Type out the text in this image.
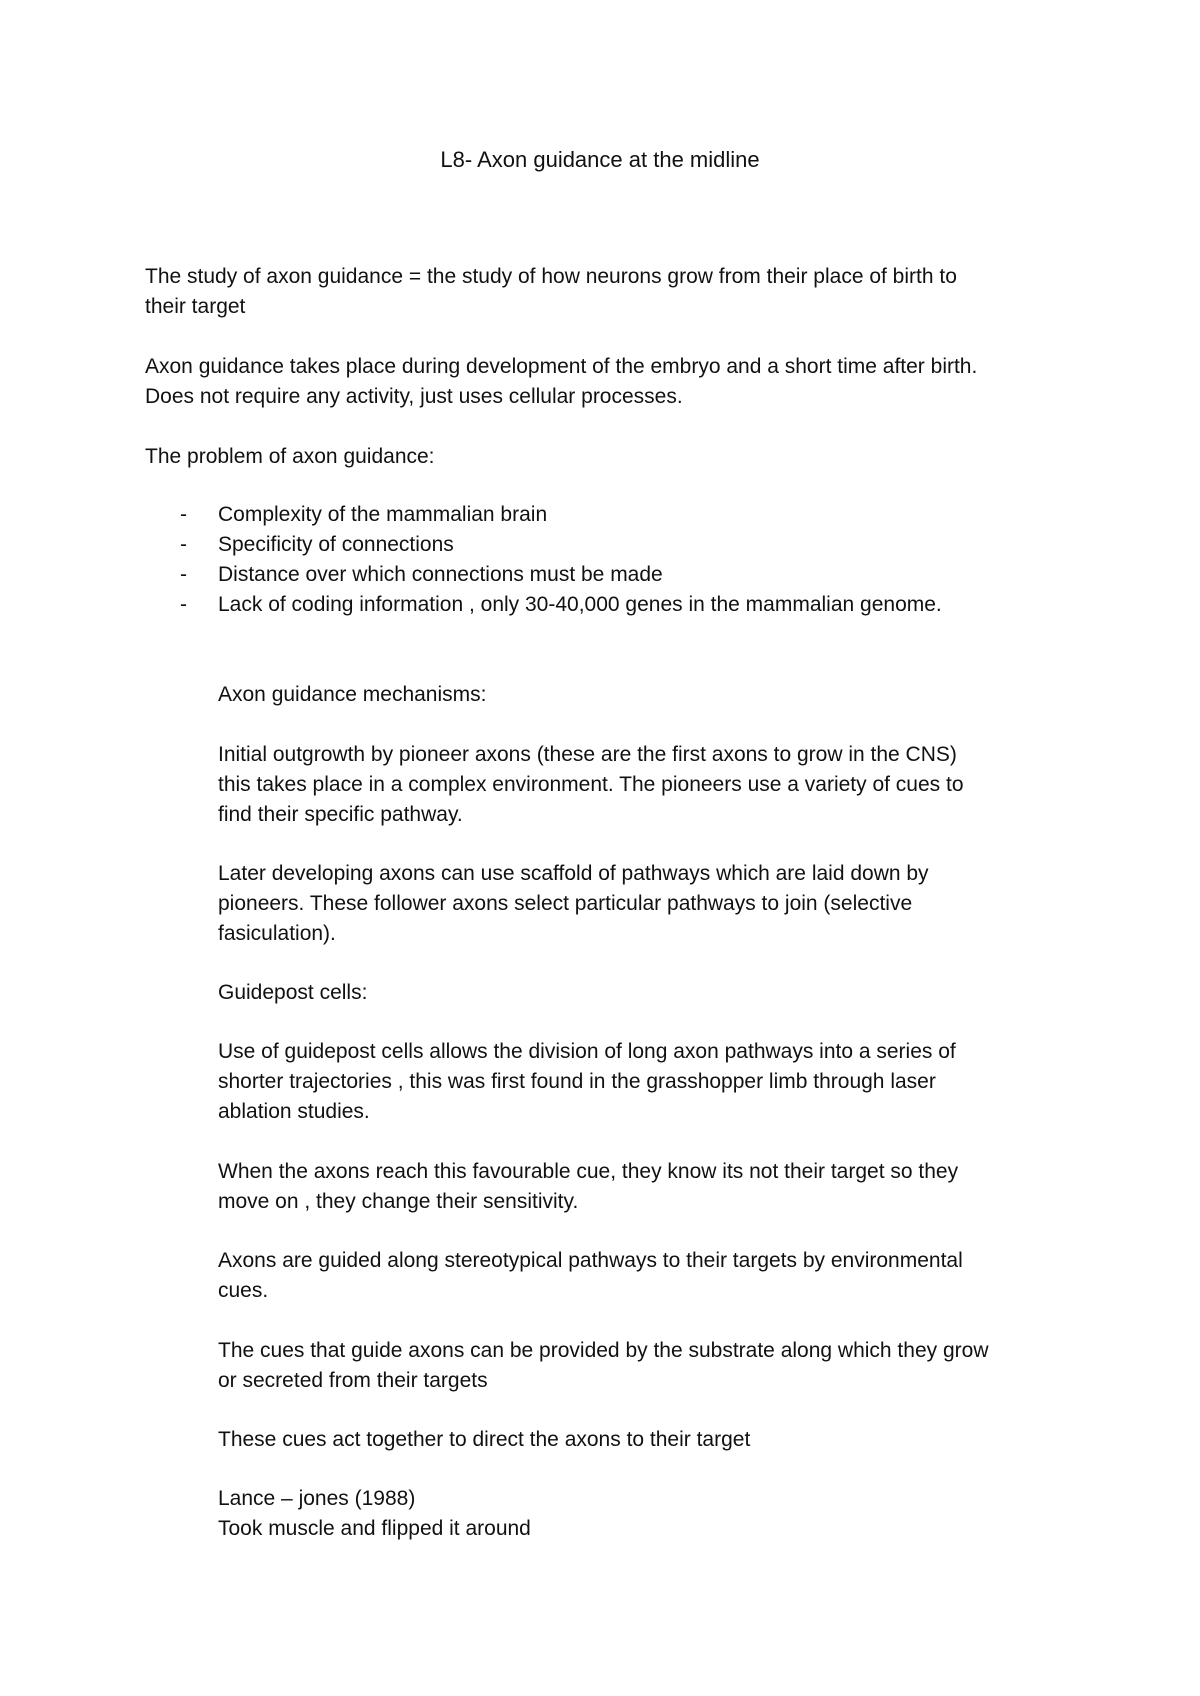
L8- Axon guidance at the midline

The study of axon guidance = the study of how neurons grow from their place of birth to
their target

Axon guidance takes place during development of the embryo and a short time after birth.
Does not require any activity, just uses cellular processes.

The problem of axon guidance:

- Complexity of the mammalian brain
- Specificity of connections
- Distance over which connections must be made
- Lack of coding information , only 30-40,000 genes in the mammalian genome.

Axon guidance mechanisms:

Initial outgrowth by pioneer axons (these are the first axons to grow in the CNS)
this takes place in a complex environment. The pioneers use a variety of cues to
find their specific pathway.

Later developing axons can use scaffold of pathways which are laid down by
pioneers. These follower axons select particular pathways to join (selective
fasiculation).

Guidepost cells:

Use of guidepost cells allows the division of long axon pathways into a series of
shorter trajectories , this was first found in the grasshopper limb through laser
ablation studies.

When the axons reach this favourable cue, they know its not their target so they
move on , they change their sensitivity.

Axons are guided along stereotypical pathways to their targets by environmental
cues.

The cues that guide axons can be provided by the substrate along which they grow
or secreted from their targets

These cues act together to direct the axons to their target

Lance – jones (1988)
Took muscle and flipped it around
